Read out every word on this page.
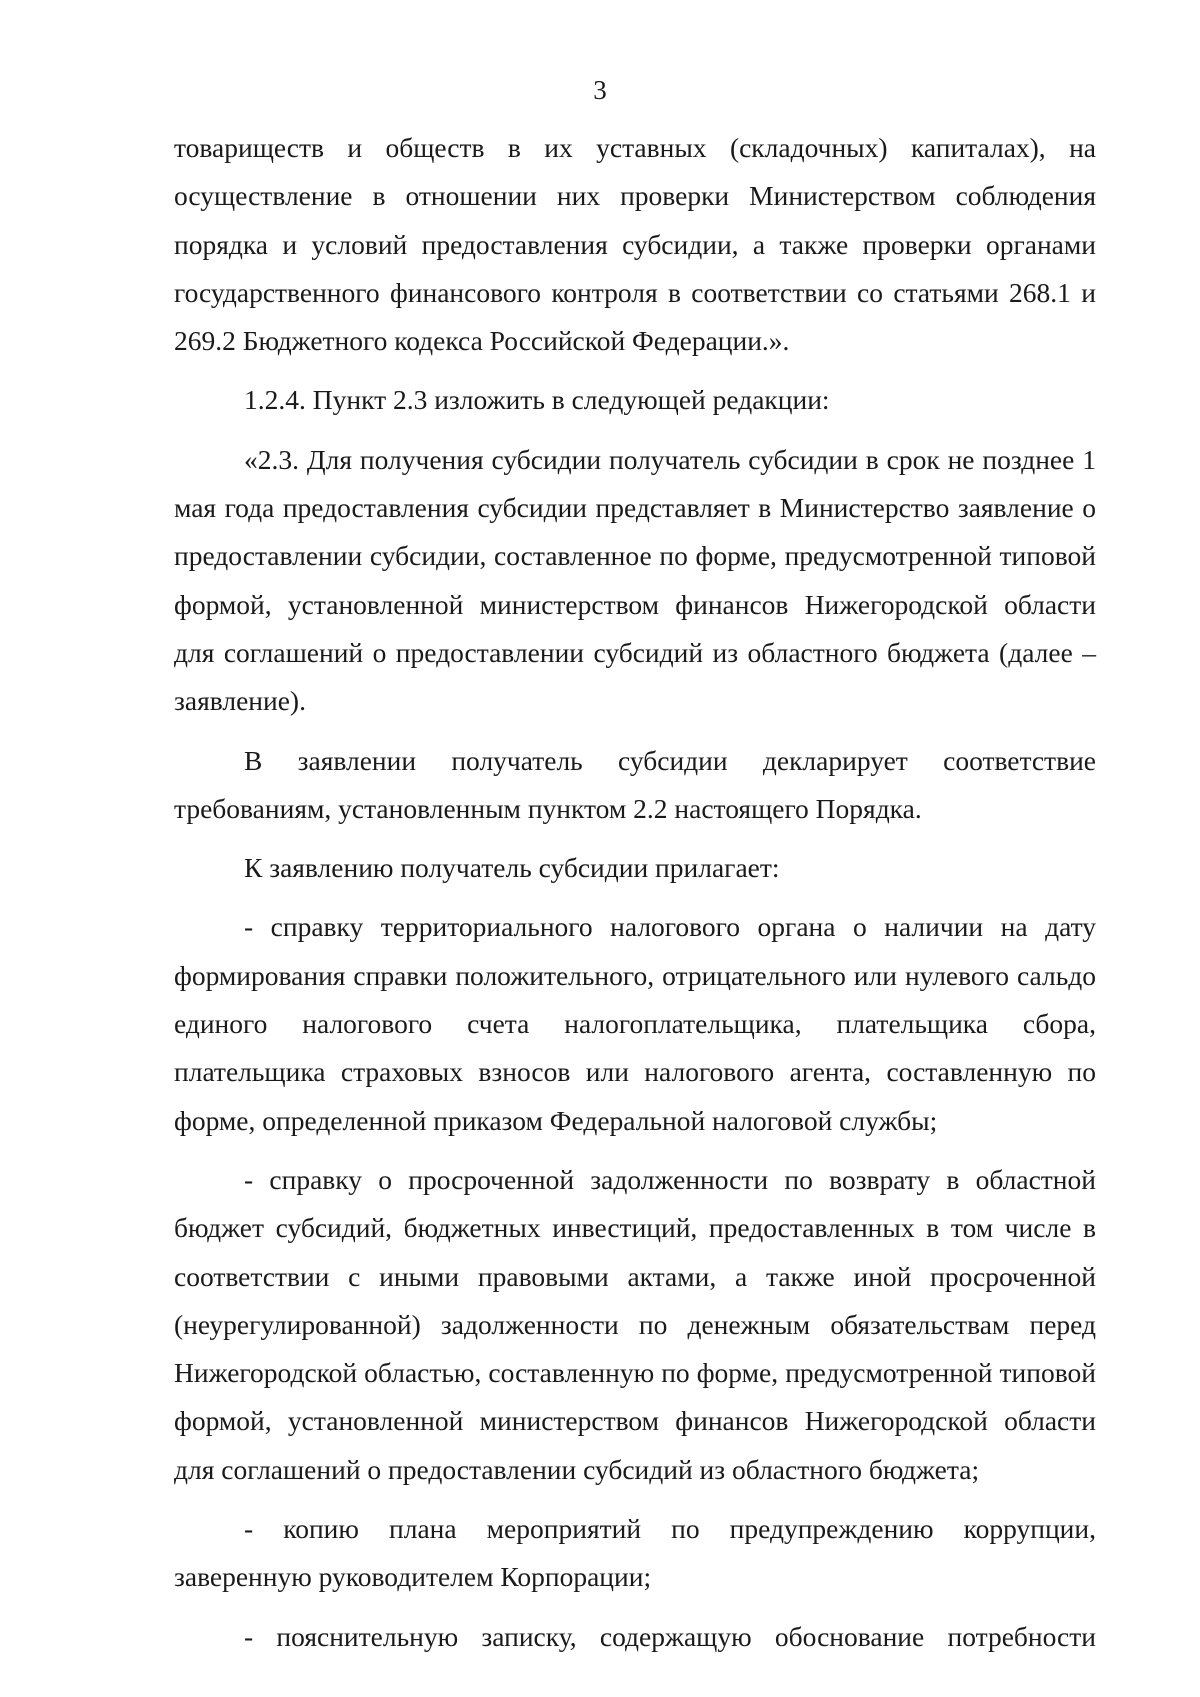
3

товариществ и обществ в их уставных (складочных) капиталах), на осуществление в отношении них проверки Министерством соблюдения порядка и условий предоставления субсидии, а также проверки органами государственного финансового контроля в соответствии со статьями 268.1 и 269.2 Бюджетного кодекса Российской Федерации.».

1.2.4. Пункт 2.3 изложить в следующей редакции:

«2.3. Для получения субсидии получатель субсидии в срок не позднее 1 мая года предоставления субсидии представляет в Министерство заявление о предоставлении субсидии, составленное по форме, предусмотренной типовой формой, установленной министерством финансов Нижегородской области для соглашений о предоставлении субсидий из областного бюджета (далее – заявление).

В заявлении получатель субсидии декларирует соответствие требованиям, установленным пунктом 2.2 настоящего Порядка.

К заявлению получатель субсидии прилагает:

- справку территориального налогового органа о наличии на дату формирования справки положительного, отрицательного или нулевого сальдо единого налогового счета налогоплательщика, плательщика сбора, плательщика страховых взносов или налогового агента, составленную по форме, определенной приказом Федеральной налоговой службы;

- справку о просроченной задолженности по возврату в областной бюджет субсидий, бюджетных инвестиций, предоставленных в том числе в соответствии с иными правовыми актами, а также иной просроченной (неурегулированной) задолженности по денежным обязательствам перед Нижегородской областью, составленную по форме, предусмотренной типовой формой, установленной министерством финансов Нижегородской области для соглашений о предоставлении субсидий из областного бюджета;

- копию плана мероприятий по предупреждению коррупции, заверенную руководителем Корпорации;

- пояснительную записку, содержащую обоснование потребности
